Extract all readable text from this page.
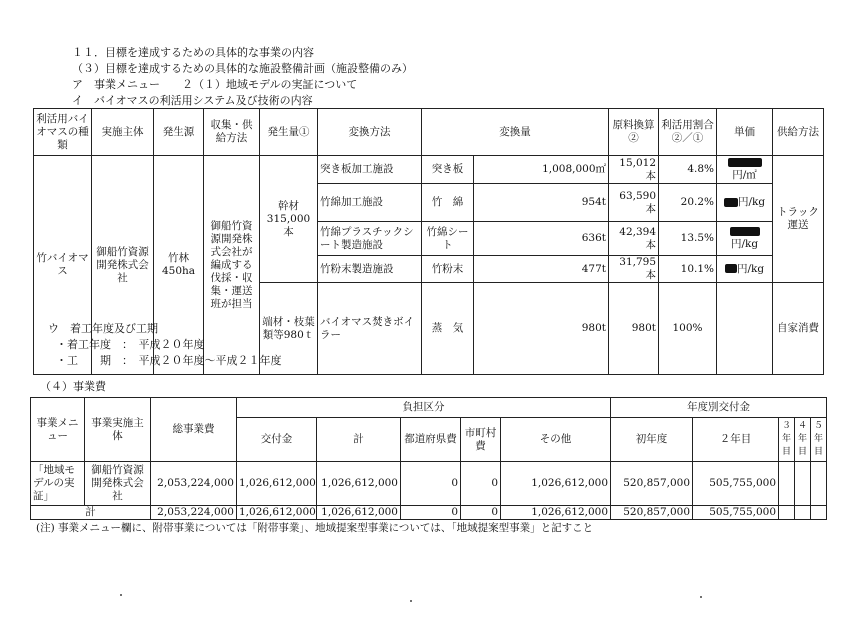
１１．目標を達成するための具体的な事業の内容
（３）目標を達成するための具体的な施設整備計画（施設整備のみ）
ア　事業メニュー　　２（１）地域モデルの実証について
イ　バイオマスの利活用システム及び技術の内容
利活用バイオマスの種類	実施主体	発生源	収集・供給方法	発生量①	変換方法	変換量	原料換算②	利活用割合②／①	単価	供給方法	

竹バイオマス	御船竹資源開発株式会社	竹林450ha	御船竹資源開発株式会社が編成する伐採・収集・運送班が担当	幹材315,000本	突き板加工施設	突き板	1,008,000㎡	15,012本	4.8%	円/㎡	トラック運送	
					竹綿加工施設	竹　綿	954t	63,590本	20.2%	円/kg		
					竹綿プラスチックシート製造施設	竹綿シート	636t	42,394本	13.5%	円/kg		
					竹粉末製造施設	竹粉末	477t	31,795本	10.1%	円/kg		
				端材・枝葉類等980ｔ	バイオマス焚きボイラー	蒸　気	980t	980t	100%		自家消費	
ウ　着工年度及び工期
・着工年度　：　平成２０年度
・工　　期　：　平成２０年度～平成２１年度
（４）事業費
事業メニュー	事業実施主体	総事業費	負担区分					年度別交付金				
			交付金	計	都道府県費	市町村費	その他	初年度	２年目	３年目	４年目	５年目
「地域モデルの実証」	御船竹資源開発株式会社	2,053,224,000	1,026,612,000	1,026,612,000	0	0	1,026,612,000	520,857,000	505,755,000			
計		2,053,224,000	1,026,612,000	1,026,612,000	0	0	1,026,612,000	520,857,000	505,755,000			
(注) 事業メニュー欄に、附帯事業については「附帯事業」、地域提案型事業については、「地域提案型事業」と記すこと
